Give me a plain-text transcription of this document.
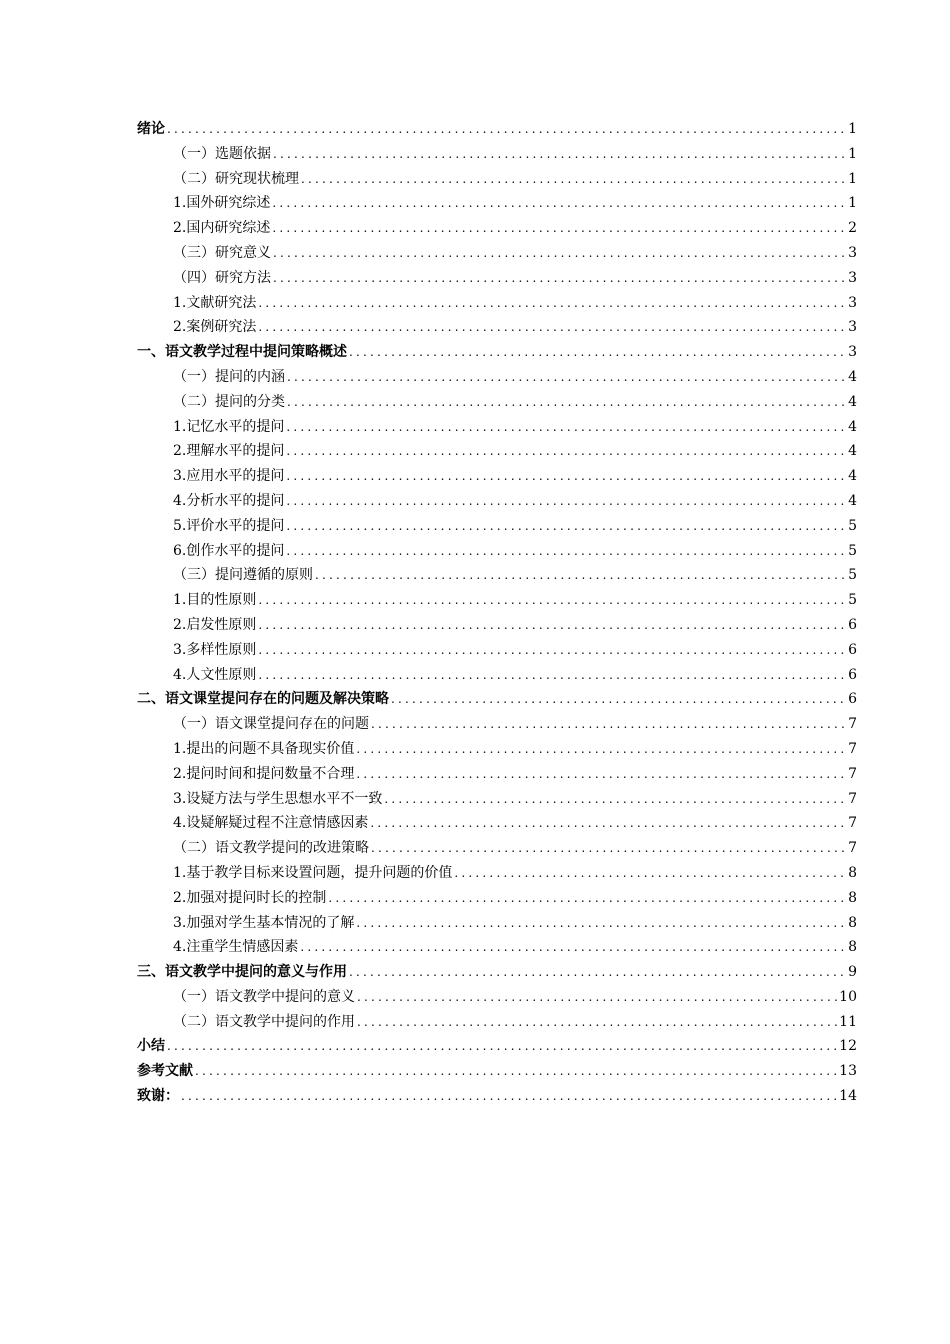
绪论 .....	1
（一）选题依据 .....	1
（二）研究现状梳理 .....	1
1.国外研究综述 .....	1
2.国内研究综述 .....	2
（三）研究意义 .....	3
（四）研究方法 .....	3
1.文献研究法 .....	3
2.案例研究法 .....	3
一、语文教学过程中提问策略概述 .....	3
（一）提问的内涵 .....	4
（二）提问的分类 .....	4
1.记忆水平的提问 .....	4
2.理解水平的提问 .....	4
3.应用水平的提问 .....	4
4.分析水平的提问 .....	4
5.评价水平的提问 .....	5
6.创作水平的提问 .....	5
（三）提问遵循的原则 .....	5
1.目的性原则 .....	5
2.启发性原则 .....	6
3.多样性原则 .....	6
4.人文性原则 .....	6
二、语文课堂提问存在的问题及解决策略 .....	6
（一）语文课堂提问存在的问题 .....	7
1.提出的问题不具备现实价值 .....	7
2.提问时间和提问数量不合理 .....	7
3.设疑方法与学生思想水平不一致 .....	7
4.设疑解疑过程不注意情感因素 .....	7
（二）语文教学提问的改进策略 .....	7
1.基于教学目标来设置问题，提升问题的价值 .....	8
2.加强对提问时长的控制 .....	8
3.加强对学生基本情况的了解 .....	8
4.注重学生情感因素 .....	8
三、语文教学中提问的意义与作用 .....	9
（一）语文教学中提问的意义 .....	10
（二）语文教学中提问的作用 .....	11
小结 .....	12
参考文献 .....	13
致谢： .....	14
